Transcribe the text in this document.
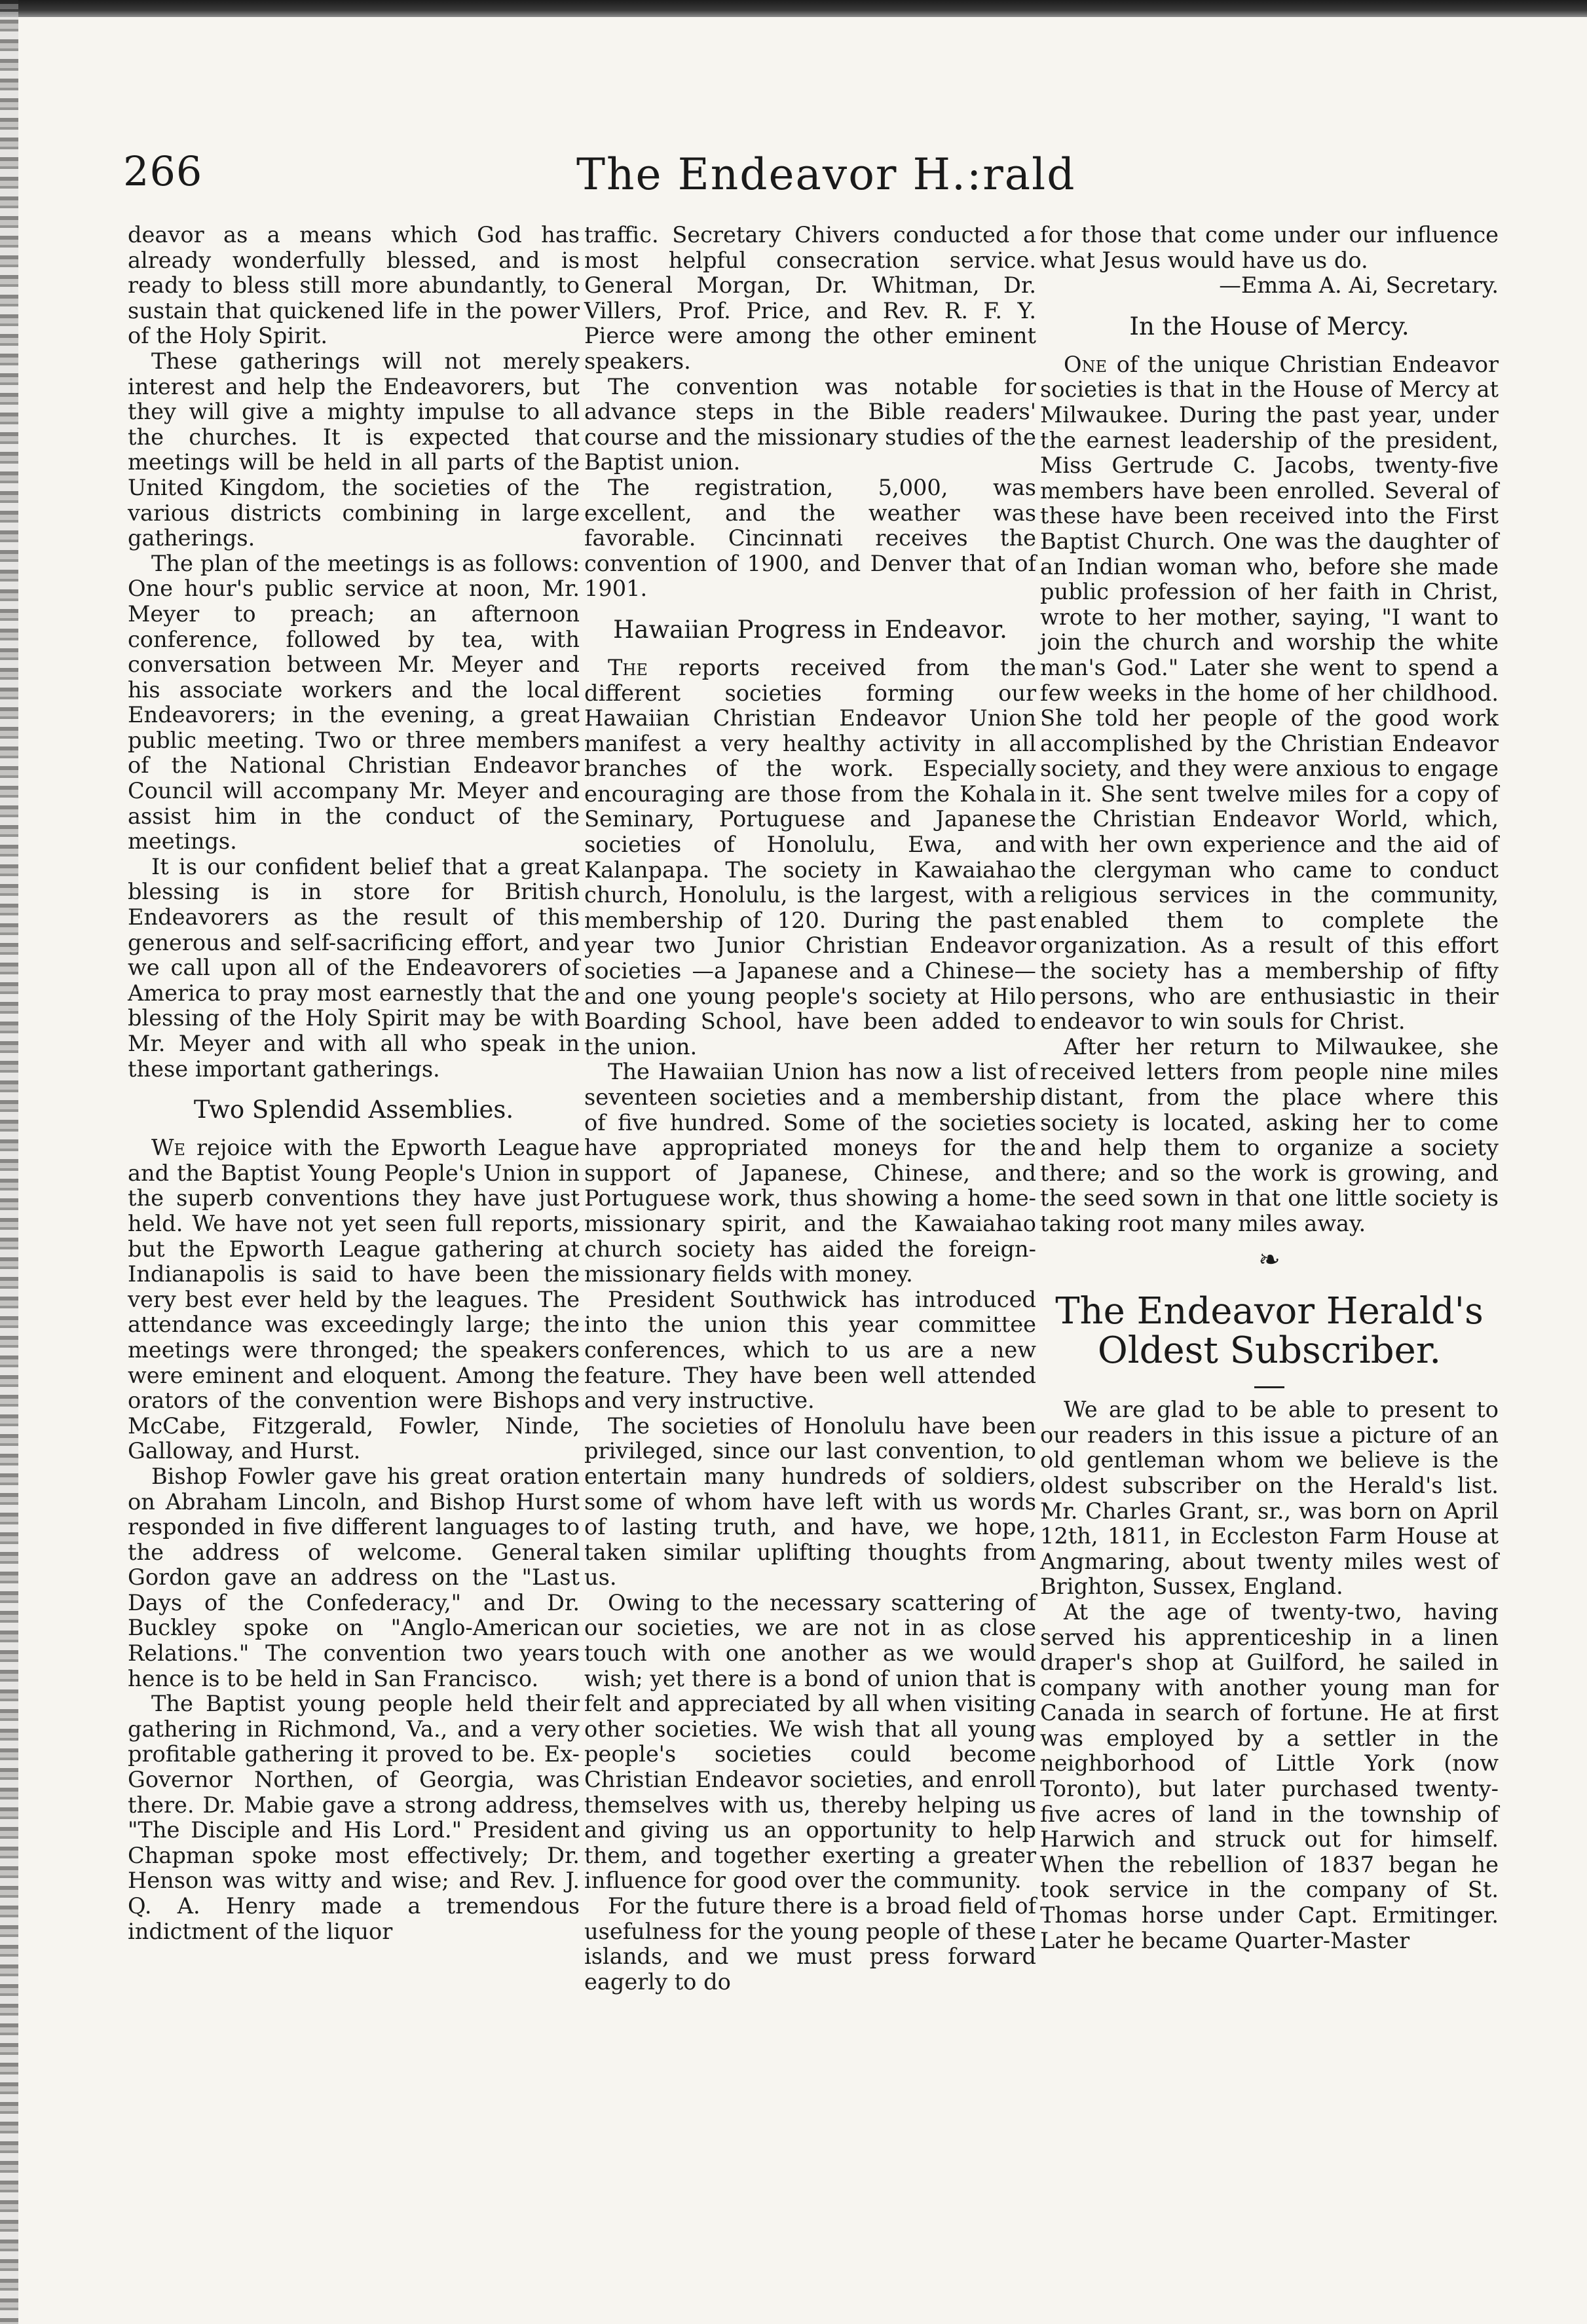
266	The Endeavor H.:rald

deavor as a means which God has already wonderfully blessed, and is ready to bless still more abundantly, to sustain that quickened life in the power of the Holy Spirit.

These gatherings will not merely interest and help the Endeavorers, but they will give a mighty impulse to all the churches. It is expected that meetings will be held in all parts of the United Kingdom, the societies of the various districts combining in large gatherings.

The plan of the meetings is as follows: One hour's public service at noon, Mr. Meyer to preach; an afternoon conference, followed by tea, with conversation between Mr. Meyer and his associate workers and the local Endeavorers; in the evening, a great public meeting. Two or three members of the National Christian Endeavor Council will accompany Mr. Meyer and assist him in the conduct of the meetings.

It is our confident belief that a great blessing is in store for British Endeavorers as the result of this generous and self-sacrificing effort, and we call upon all of the Endeavorers of America to pray most earnestly that the blessing of the Holy Spirit may be with Mr. Meyer and with all who speak in these important gatherings.

Two Splendid Assemblies.

We rejoice with the Epworth League and the Baptist Young People's Union in the superb conventions they have just held. We have not yet seen full reports, but the Epworth League gathering at Indianapolis is said to have been the very best ever held by the leagues. The attendance was exceedingly large; the meetings were thronged; the speakers were eminent and eloquent. Among the orators of the convention were Bishops McCabe, Fitzgerald, Fowler, Ninde, Galloway, and Hurst.

Bishop Fowler gave his great oration on Abraham Lincoln, and Bishop Hurst responded in five different languages to the address of welcome. General Gordon gave an address on the "Last Days of the Confederacy," and Dr. Buckley spoke on "Anglo-American Relations." The convention two years hence is to be held in San Francisco.

The Baptist young people held their gathering in Richmond, Va., and a very profitable gathering it proved to be. Ex-Governor Northen, of Georgia, was there. Dr. Mabie gave a strong address, "The Disciple and His Lord." President Chapman spoke most effectively; Dr. Henson was witty and wise; and Rev. J. Q. A. Henry made a tremendous indictment of the liquor

traffic. Secretary Chivers conducted a most helpful consecration service. General Morgan, Dr. Whitman, Dr. Villers, Prof. Price, and Rev. R. F. Y. Pierce were among the other eminent speakers.

The convention was notable for advance steps in the Bible readers' course and the missionary studies of the Baptist union.

The registration, 5,000, was excellent, and the weather was favorable. Cincinnati receives the convention of 1900, and Denver that of 1901.

Hawaiian Progress in Endeavor.

The reports received from the different societies forming our Hawaiian Christian Endeavor Union manifest a very healthy activity in all branches of the work. Especially encouraging are those from the Kohala Seminary, Portuguese and Japanese societies of Honolulu, Ewa, and Kalanpapa. The society in Kawaiahao church, Honolulu, is the largest, with a membership of 120. During the past year two Junior Christian Endeavor societies —a Japanese and a Chinese—and one young people's society at Hilo Boarding School, have been added to the union.

The Hawaiian Union has now a list of seventeen societies and a membership of five hundred. Some of the societies have appropriated moneys for the support of Japanese, Chinese, and Portuguese work, thus showing a home-missionary spirit, and the Kawaiahao church society has aided the foreign-missionary fields with money.

President Southwick has introduced into the union this year committee conferences, which to us are a new feature. They have been well attended and very instructive.

The societies of Honolulu have been privileged, since our last convention, to entertain many hundreds of soldiers, some of whom have left with us words of lasting truth, and have, we hope, taken similar uplifting thoughts from us.

Owing to the necessary scattering of our societies, we are not in as close touch with one another as we would wish; yet there is a bond of union that is felt and appreciated by all when visiting other societies. We wish that all young people's societies could become Christian Endeavor societies, and enroll themselves with us, thereby helping us and giving us an opportunity to help them, and together exerting a greater influence for good over the community.

For the future there is a broad field of usefulness for the young people of these islands, and we must press forward eagerly to do

for those that come under our influence what Jesus would have us do.

—Emma A. Ai, Secretary.

In the House of Mercy.

One of the unique Christian Endeavor societies is that in the House of Mercy at Milwaukee. During the past year, under the earnest leadership of the president, Miss Gertrude C. Jacobs, twenty-five members have been enrolled. Several of these have been received into the First Baptist Church. One was the daughter of an Indian woman who, before she made public profession of her faith in Christ, wrote to her mother, saying, "I want to join the church and worship the white man's God." Later she went to spend a few weeks in the home of her childhood. She told her people of the good work accomplished by the Christian Endeavor society, and they were anxious to engage in it. She sent twelve miles for a copy of the Christian Endeavor World, which, with her own experience and the aid of the clergyman who came to conduct religious services in the community, enabled them to complete the organization. As a result of this effort the society has a membership of fifty persons, who are enthusiastic in their endeavor to win souls for Christ.

After her return to Milwaukee, she received letters from people nine miles distant, from the place where this society is located, asking her to come and help them to organize a society there; and so the work is growing, and the seed sown in that one little society is taking root many miles away.

❧
The Endeavor Herald's Oldest Subscriber.

We are glad to be able to present to our readers in this issue a picture of an old gentleman whom we believe is the oldest subscriber on the Herald's list. Mr. Charles Grant, sr., was born on April 12th, 1811, in Eccleston Farm House at Angmaring, about twenty miles west of Brighton, Sussex, England.

At the age of twenty-two, having served his apprenticeship in a linen draper's shop at Guilford, he sailed in company with another young man for Canada in search of fortune. He at first was employed by a settler in the neighborhood of Little York (now Toronto), but later purchased twenty-five acres of land in the township of Harwich and struck out for himself. When the rebellion of 1837 began he took service in the company of St. Thomas horse under Capt. Ermitinger. Later he became Quarter-Master
